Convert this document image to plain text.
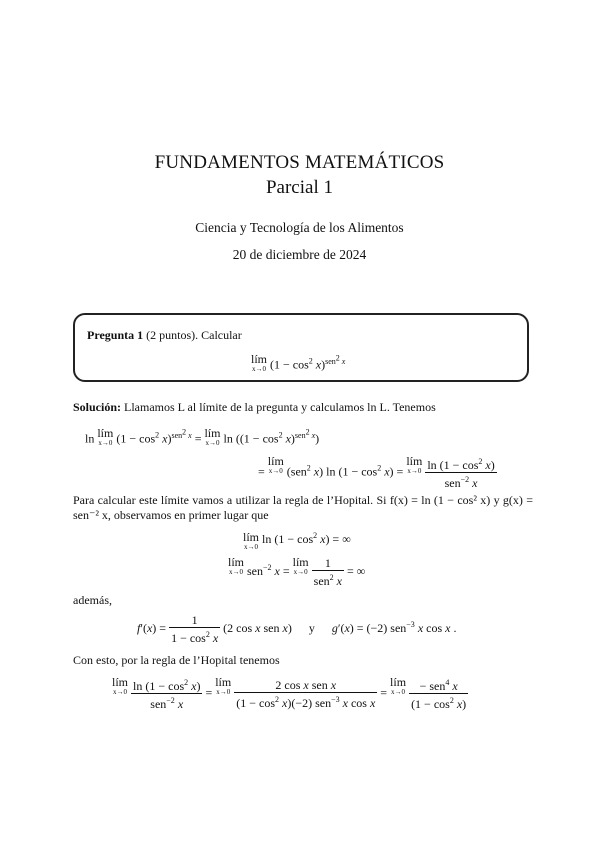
FUNDAMENTOS MATEMÁTICOS
Parcial 1
Ciencia y Tecnología de los Alimentos
20 de diciembre de 2024
Pregunta 1 (2 puntos). Calcular
lím
x→0 $(1 - \cos^2 x)^{sen^2 x}$
Solución: Llamamos L al límite de la pregunta y calculamos ln L. Tenemos
ln lím
x→0 $(1 - \cos^2 x)^{sen^2 x}$ = lím
x→0 $\ln ((1 - \cos^2 x)^{sen^2 x})$
= lím
x→0 (sen$^2$ x) $\ln (1 - \cos^2 x)$ = lím
x→0
$\frac{\ln (1 - \cos^2 x)}{sen^{-2} x}$
Para calcular este límite vamos a utilizar la regla de l’Hopital. Si f(x) = ln (1 − cos² x) y g(x) = sen⁻² x, observamos en primer lugar que
lím
x→0
$\ln (1 - \cos^2 x)$ = ∞
lím
x→0 sen$^{-2}$ x = lím
x→0
$\frac{1}{sen^2 x}$ = ∞
además,
$f'(x) = \frac{1}{1 - \cos^2 x} (2$ cos x sen x) y g′(x) = (−2) sen$^{-3}$ x cos x .
Con esto, por la regla de l’Hopital tenemos
lím
x→0
$\frac{\ln (1 - \cos^2 x)}{sen^{-2} x}$ = lím
x→0
$\frac{\text{2 cos x sen x}}{(1 - \cos^2 x)(-2) sen^{-3} x \cos x}$ = lím
x→0
$\frac{- sen^4 x}{(1 - \cos^2 x)}$
